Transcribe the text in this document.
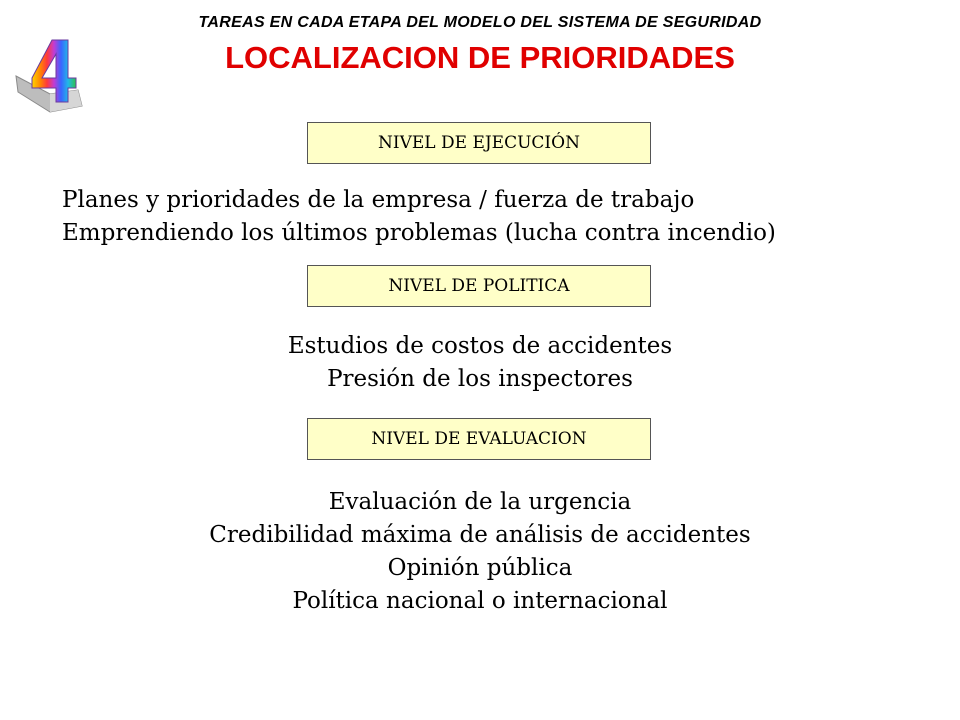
TAREAS EN CADA ETAPA DEL MODELO DEL SISTEMA DE SEGURIDAD
LOCALIZACION DE PRIORIDADES
NIVEL DE EJECUCIÓN
Planes y prioridades de la empresa / fuerza de trabajo
Emprendiendo los últimos problemas (lucha contra incendio)
NIVEL DE POLITICA
Estudios de costos de accidentes
Presión de los inspectores
NIVEL DE EVALUACION
Evaluación de la urgencia
Credibilidad máxima de análisis de accidentes
Opinión pública
Política nacional o internacional
